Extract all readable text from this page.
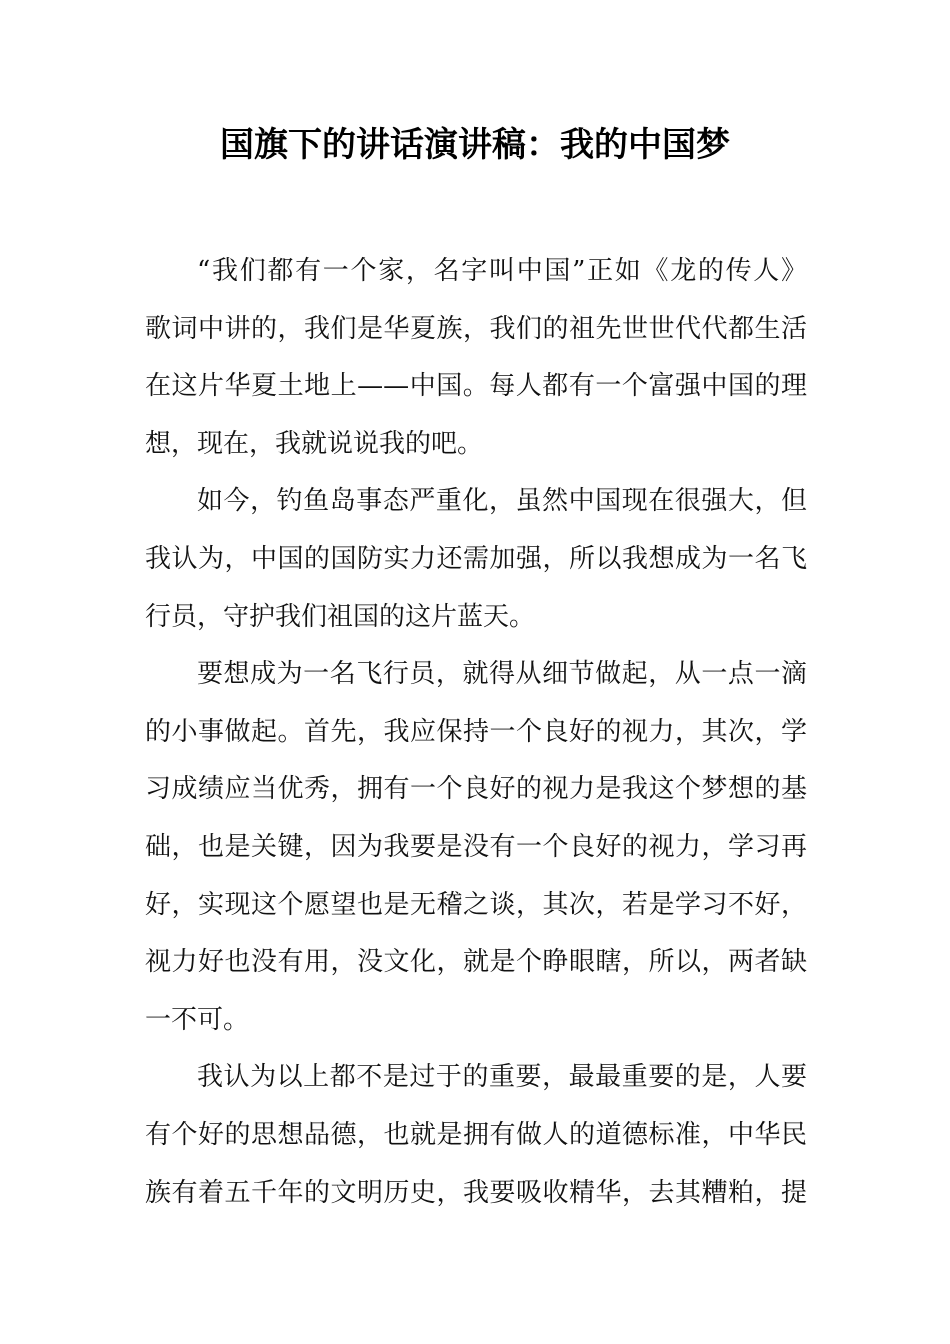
国旗下的讲话演讲稿：我的中国梦
“我们都有一个家，名字叫中国”正如《龙的传人》
歌词中讲的，我们是华夏族，我们的祖先世世代代都生活
在这片华夏土地上——中国。每人都有一个富强中国的理
想，现在，我就说说我的吧。
如今，钓鱼岛事态严重化，虽然中国现在很强大，但
我认为，中国的国防实力还需加强，所以我想成为一名飞
行员，守护我们祖国的这片蓝天。
要想成为一名飞行员，就得从细节做起，从一点一滴
的小事做起。首先，我应保持一个良好的视力，其次，学
习成绩应当优秀，拥有一个良好的视力是我这个梦想的基
础，也是关键，因为我要是没有一个良好的视力，学习再
好，实现这个愿望也是无稽之谈，其次，若是学习不好，
视力好也没有用，没文化，就是个睁眼瞎，所以，两者缺
一不可。
我认为以上都不是过于的重要，最最重要的是，人要
有个好的思想品德，也就是拥有做人的道德标准，中华民
族有着五千年的文明历史，我要吸收精华，去其糟粕，提
